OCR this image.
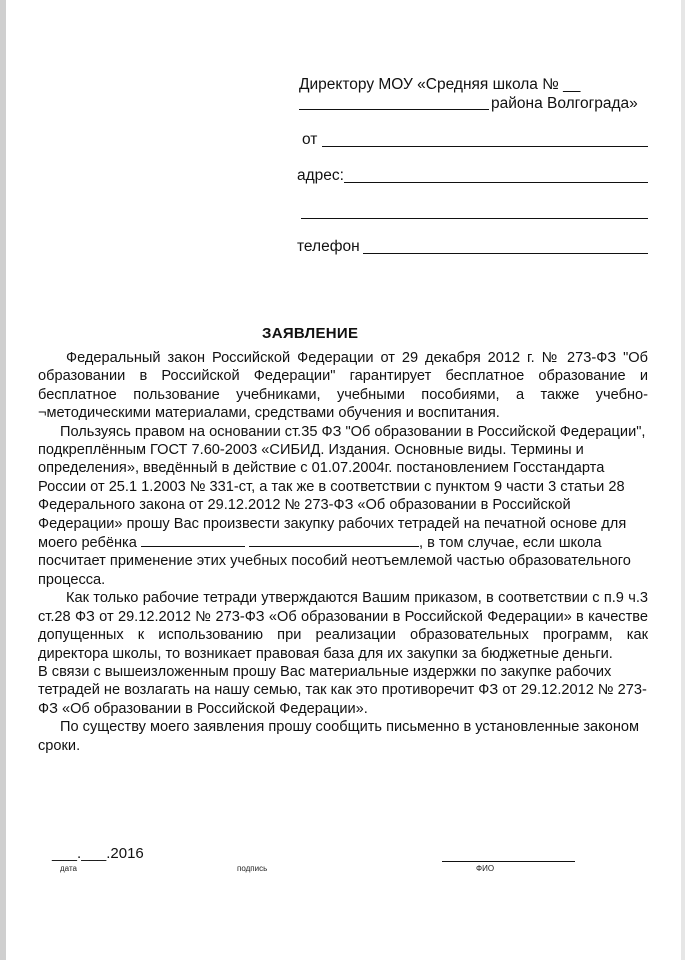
Директору МОУ «Средняя школа № __
района Волгограда»
от
адрес:
телефон
ЗАЯВЛЕНИЕ

Федеральный закон Российской Федерации от 29 декабря 2012 г. № 273-ФЗ "Об образовании в Российской Федерации" гарантирует бесплатное образование и бесплатное пользование учебниками, учебными пособиями, а также учебно-¬методическими материалами, средствами обучения и воспитания.

Пользуясь правом на основании ст.35 ФЗ "Об образовании в Российской Федерации", подкреплённым ГОСТ 7.60-2003 «СИБИД. Издания. Основные виды. Термины и определения», введённый в действие с 01.07.2004г. постановлением Госстандарта России от 25.1 1.2003 № 331-ст, а так же в соответствии с пунктом 9 части 3 статьи 28 Федерального закона от 29.12.2012 № 273-ФЗ «Об образовании в Российской Федерации» прошу Вас произвести закупку рабочих тетрадей на печатной основе для моего ребёнка	, в том случае, если школа посчитает применение этих учебных пособий неотъемлемой частью образовательного процесса.

Как только рабочие тетради утверждаются Вашим приказом, в соответствии с п.9 ч.3 ст.28 ФЗ от 29.12.2012 № 273-ФЗ «Об образовании в Российской Федерации» в качестве допущенных к использованию при реализации образовательных программ, как директора школы, то возникает правовая база для их закупки за бюджетные деньги.

В связи с вышеизложенным прошу Вас материальные издержки по закупке рабочих тетрадей не возлагать на нашу семью, так как это противоречит ФЗ от 29.12.2012 № 273-ФЗ «Об образовании в Российской Федерации».

По существу моего заявления прошу сообщить письменно в установленные законом сроки.

___.___.2016
дата	подпись	ФИО
